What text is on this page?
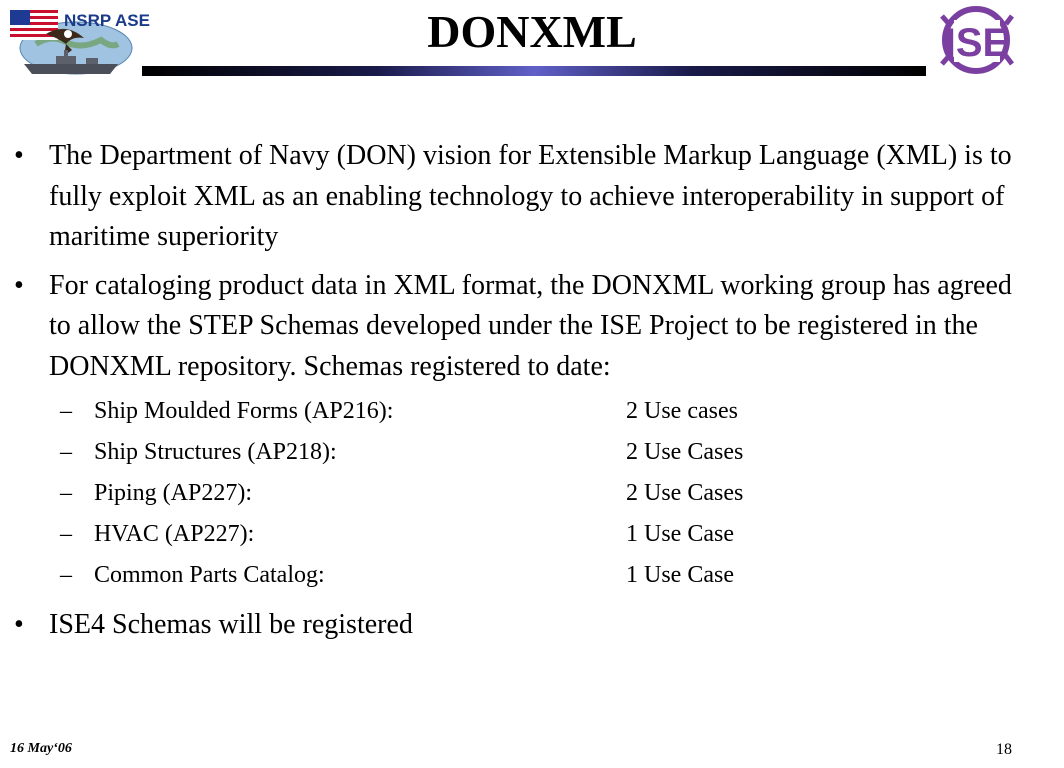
NSRP ASE	DONXML	ISE
• The Department of Navy (DON) vision for Extensible Markup Language (XML) is to fully exploit XML as an enabling technology to achieve interoperability in support of maritime superiority
• For cataloging product data in XML format, the DONXML working group has agreed to allow the STEP Schemas developed under the ISE Project to be registered in the DONXML repository. Schemas registered to date:
– Ship Moulded Forms (AP216):	2 Use cases
– Ship Structures (AP218):	2 Use Cases
– Piping (AP227):	2 Use Cases
– HVAC (AP227):	1 Use Case
– Common Parts Catalog:	1 Use Case
• ISE4 Schemas will be registered
16 May‘06	18
